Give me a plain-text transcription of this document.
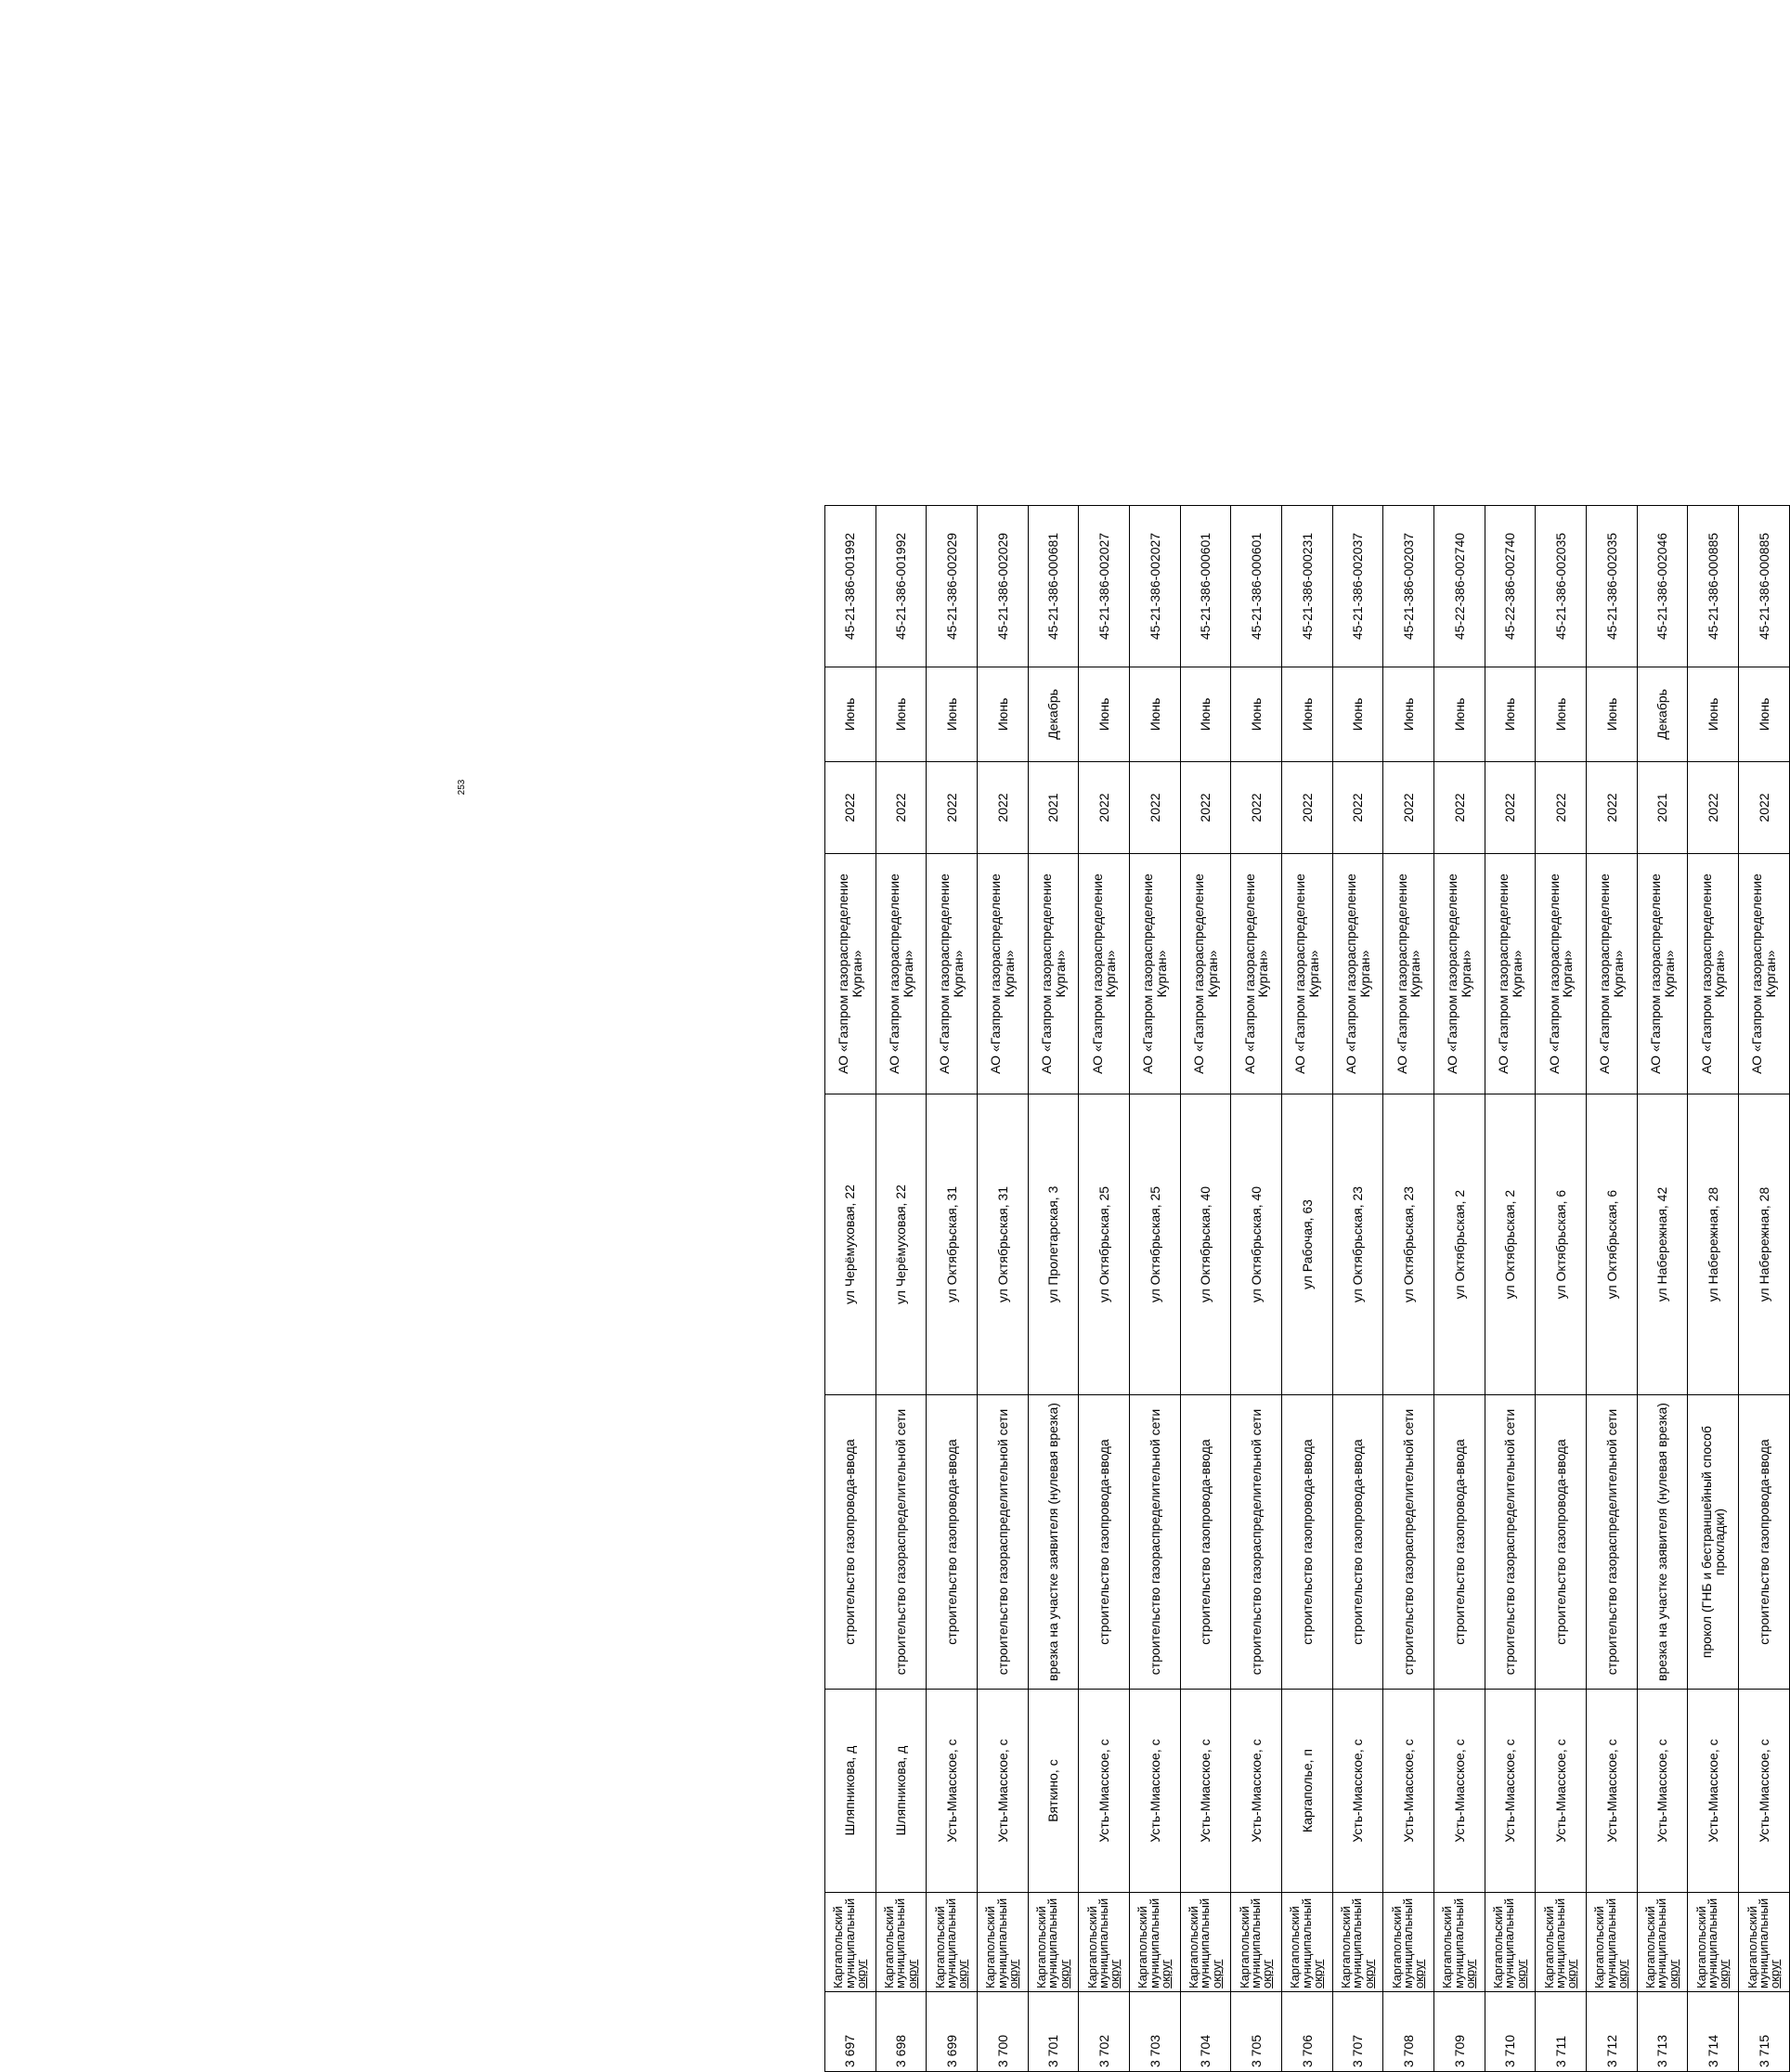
253
3 697	Каргапольский
муниципальный
округ	Шляпникова, д	строительство газопровода-ввода	ул Черёмуховая, 22	АО «Газпром газораспределение Курган»	2022	Июнь	45-21-386-001992
3 698	Каргапольский
муниципальный
округ	Шляпникова, д	строительство газораспределительной сети	ул Черёмуховая, 22	АО «Газпром газораспределение Курган»	2022	Июнь	45-21-386-001992
3 699	Каргапольский
муниципальный
округ	Усть-Миасское, с	строительство газопровода-ввода	ул Октябрьская, 31	АО «Газпром газораспределение Курган»	2022	Июнь	45-21-386-002029
3 700	Каргапольский
муниципальный
округ	Усть-Миасское, с	строительство газораспределительной сети	ул Октябрьская, 31	АО «Газпром газораспределение Курган»	2022	Июнь	45-21-386-002029
3 701	Каргапольский
муниципальный
округ	Вяткино, с	врезка на участке заявителя (нулевая врезка)	ул Пролетарская, 3	АО «Газпром газораспределение Курган»	2021	Декабрь	45-21-386-000681
3 702	Каргапольский
муниципальный
округ	Усть-Миасское, с	строительство газопровода-ввода	ул Октябрьская, 25	АО «Газпром газораспределение Курган»	2022	Июнь	45-21-386-002027
3 703	Каргапольский
муниципальный
округ	Усть-Миасское, с	строительство газораспределительной сети	ул Октябрьская, 25	АО «Газпром газораспределение Курган»	2022	Июнь	45-21-386-002027
3 704	Каргапольский
муниципальный
округ	Усть-Миасское, с	строительство газопровода-ввода	ул Октябрьская, 40	АО «Газпром газораспределение Курган»	2022	Июнь	45-21-386-000601
3 705	Каргапольский
муниципальный
округ	Усть-Миасское, с	строительство газораспределительной сети	ул Октябрьская, 40	АО «Газпром газораспределение Курган»	2022	Июнь	45-21-386-000601
3 706	Каргапольский
муниципальный
округ	Каргаполье, п	строительство газопровода-ввода	ул Рабочая, 63	АО «Газпром газораспределение Курган»	2022	Июнь	45-21-386-000231
3 707	Каргапольский
муниципальный
округ	Усть-Миасское, с	строительство газопровода-ввода	ул Октябрьская, 23	АО «Газпром газораспределение Курган»	2022	Июнь	45-21-386-002037
3 708	Каргапольский
муниципальный
округ	Усть-Миасское, с	строительство газораспределительной сети	ул Октябрьская, 23	АО «Газпром газораспределение Курган»	2022	Июнь	45-21-386-002037
3 709	Каргапольский
муниципальный
округ	Усть-Миасское, с	строительство газопровода-ввода	ул Октябрьская, 2	АО «Газпром газораспределение Курган»	2022	Июнь	45-22-386-002740
3 710	Каргапольский
муниципальный
округ	Усть-Миасское, с	строительство газораспределительной сети	ул Октябрьская, 2	АО «Газпром газораспределение Курган»	2022	Июнь	45-22-386-002740
3 711	Каргапольский
муниципальный
округ	Усть-Миасское, с	строительство газопровода-ввода	ул Октябрьская, 6	АО «Газпром газораспределение Курган»	2022	Июнь	45-21-386-002035
3 712	Каргапольский
муниципальный
округ	Усть-Миасское, с	строительство газораспределительной сети	ул Октябрьская, 6	АО «Газпром газораспределение Курган»	2022	Июнь	45-21-386-002035
3 713	Каргапольский
муниципальный
округ	Усть-Миасское, с	врезка на участке заявителя (нулевая врезка)	ул Набережная, 42	АО «Газпром газораспределение Курган»	2021	Декабрь	45-21-386-002046
3 714	Каргапольский
муниципальный
округ	Усть-Миасское, с	прокол (ГНБ и бестраншейный способ прокладки)	ул Набережная, 28	АО «Газпром газораспределение Курган»	2022	Июнь	45-21-386-000885
3 715	Каргапольский
муниципальный
округ	Усть-Миасское, с	строительство газопровода-ввода	ул Набережная, 28	АО «Газпром газораспределение Курган»	2022	Июнь	45-21-386-000885
